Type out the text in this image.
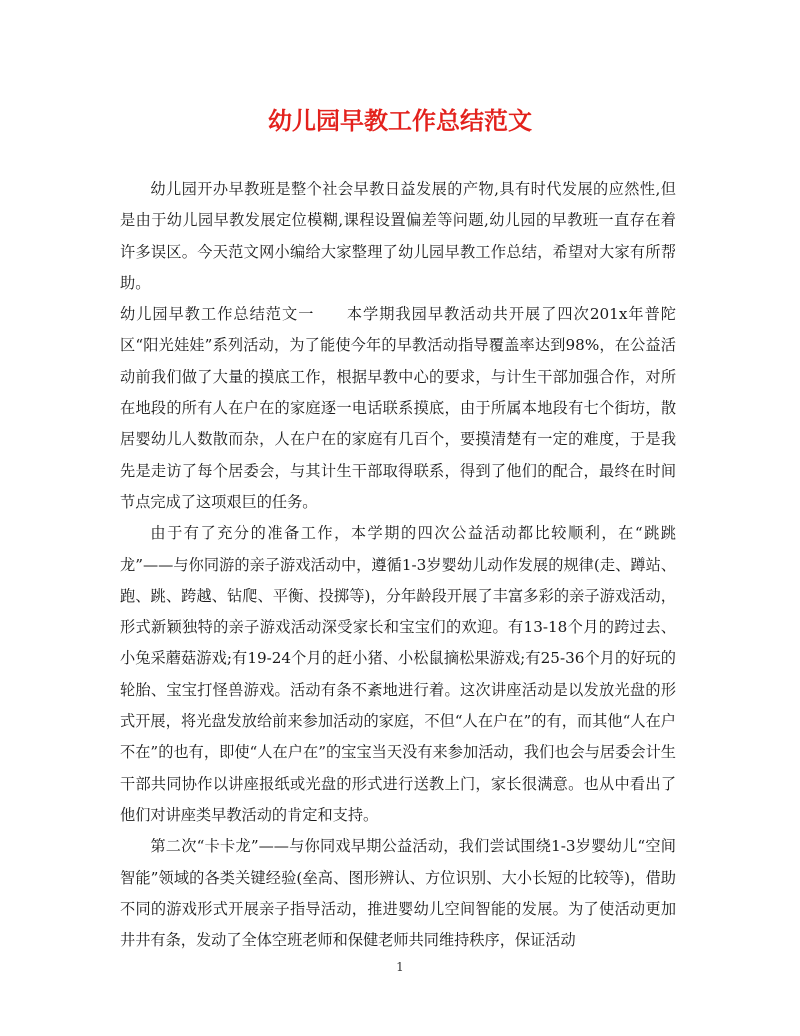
幼儿园早教工作总结范文

幼儿园开办早教班是整个社会早教日益发展的产物,具有时代发展的应然性,但是由于幼儿园早教发展定位模糊,课程设置偏差等问题,幼儿园的早教班一直存在着许多误区。今天范文网小编给大家整理了幼儿园早教工作总结，希望对大家有所帮助。

幼儿园早教工作总结范文一　　本学期我园早教活动共开展了四次201x年普陀区“阳光娃娃”系列活动，为了能使今年的早教活动指导覆盖率达到98%，在公益活动前我们做了大量的摸底工作，根据早教中心的要求，与计生干部加强合作，对所在地段的所有人在户在的家庭逐一电话联系摸底，由于所属本地段有七个街坊，散居婴幼儿人数散而杂，人在户在的家庭有几百个，要摸清楚有一定的难度，于是我先是走访了每个居委会，与其计生干部取得联系，得到了他们的配合，最终在时间节点完成了这项艰巨的任务。

由于有了充分的准备工作，本学期的四次公益活动都比较顺利，在“跳跳龙”——与你同游的亲子游戏活动中，遵循1-3岁婴幼儿动作发展的规律(走、蹲站、跑、跳、跨越、钻爬、平衡、投掷等)，分年龄段开展了丰富多彩的亲子游戏活动，形式新颖独特的亲子游戏活动深受家长和宝宝们的欢迎。有13-18个月的跨过去、小兔采蘑菇游戏;有19-24个月的赶小猪、小松鼠摘松果游戏;有25-36个月的好玩的轮胎、宝宝打怪兽游戏。活动有条不紊地进行着。这次讲座活动是以发放光盘的形式开展，将光盘发放给前来参加活动的家庭，不但“人在户在”的有，而其他“人在户不在”的也有，即使“人在户在”的宝宝当天没有来参加活动，我们也会与居委会计生干部共同协作以讲座报纸或光盘的形式进行送教上门，家长很满意。也从中看出了他们对讲座类早教活动的肯定和支持。

第二次“卡卡龙”——与你同戏早期公益活动，我们尝试围绕1-3岁婴幼儿“空间智能”领域的各类关键经验(垒高、图形辨认、方位识别、大小长短的比较等)，借助不同的游戏形式开展亲子指导活动，推进婴幼儿空间智能的发展。为了使活动更加井井有条，发动了全体空班老师和保健老师共同维持秩序，保证活动

1
